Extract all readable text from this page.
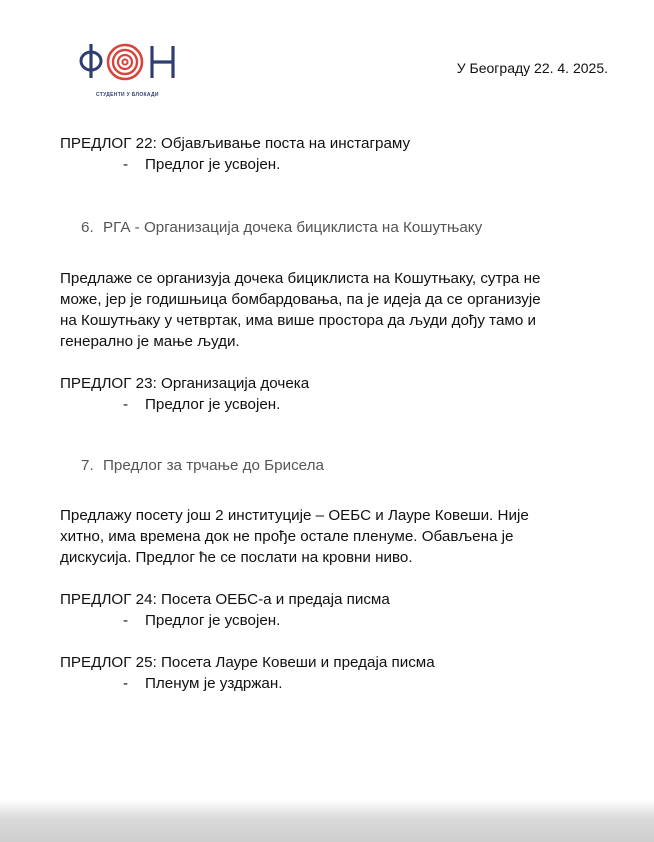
СТУДЕНТИ У БЛОКАДИ
У Београду 22. 4. 2025.

ПРЕДЛОГ 22: Објављивање поста на инстаграму

- Предлог је усвојен.

6. РГА - Организација дочека бициклиста на Кошутњаку

Предлаже се организуја дочека бициклиста на Кошутњаку, сутра не

може, јер је годишњица бомбардовања, па је идеја да се организује

на Кошутњаку у четвртак, има више простора да људи дођу тамо и

генерално је мање људи.

ПРЕДЛОГ 23: Организација дочека

- Предлог је усвојен.

7. Предлог за трчање до Брисела

Предлажу посету још 2 институције – ОЕБС и Лауре Ковеши. Није

хитно, има времена док не прође остале пленуме. Обављена је

дискусија. Предлог ће се послати на кровни ниво.

ПРЕДЛОГ 24: Посета ОЕБС-а и предаја писма

- Предлог је усвојен.

ПРЕДЛОГ 25: Посета Лауре Ковеши и предаја писма

- Пленум је уздржан.
